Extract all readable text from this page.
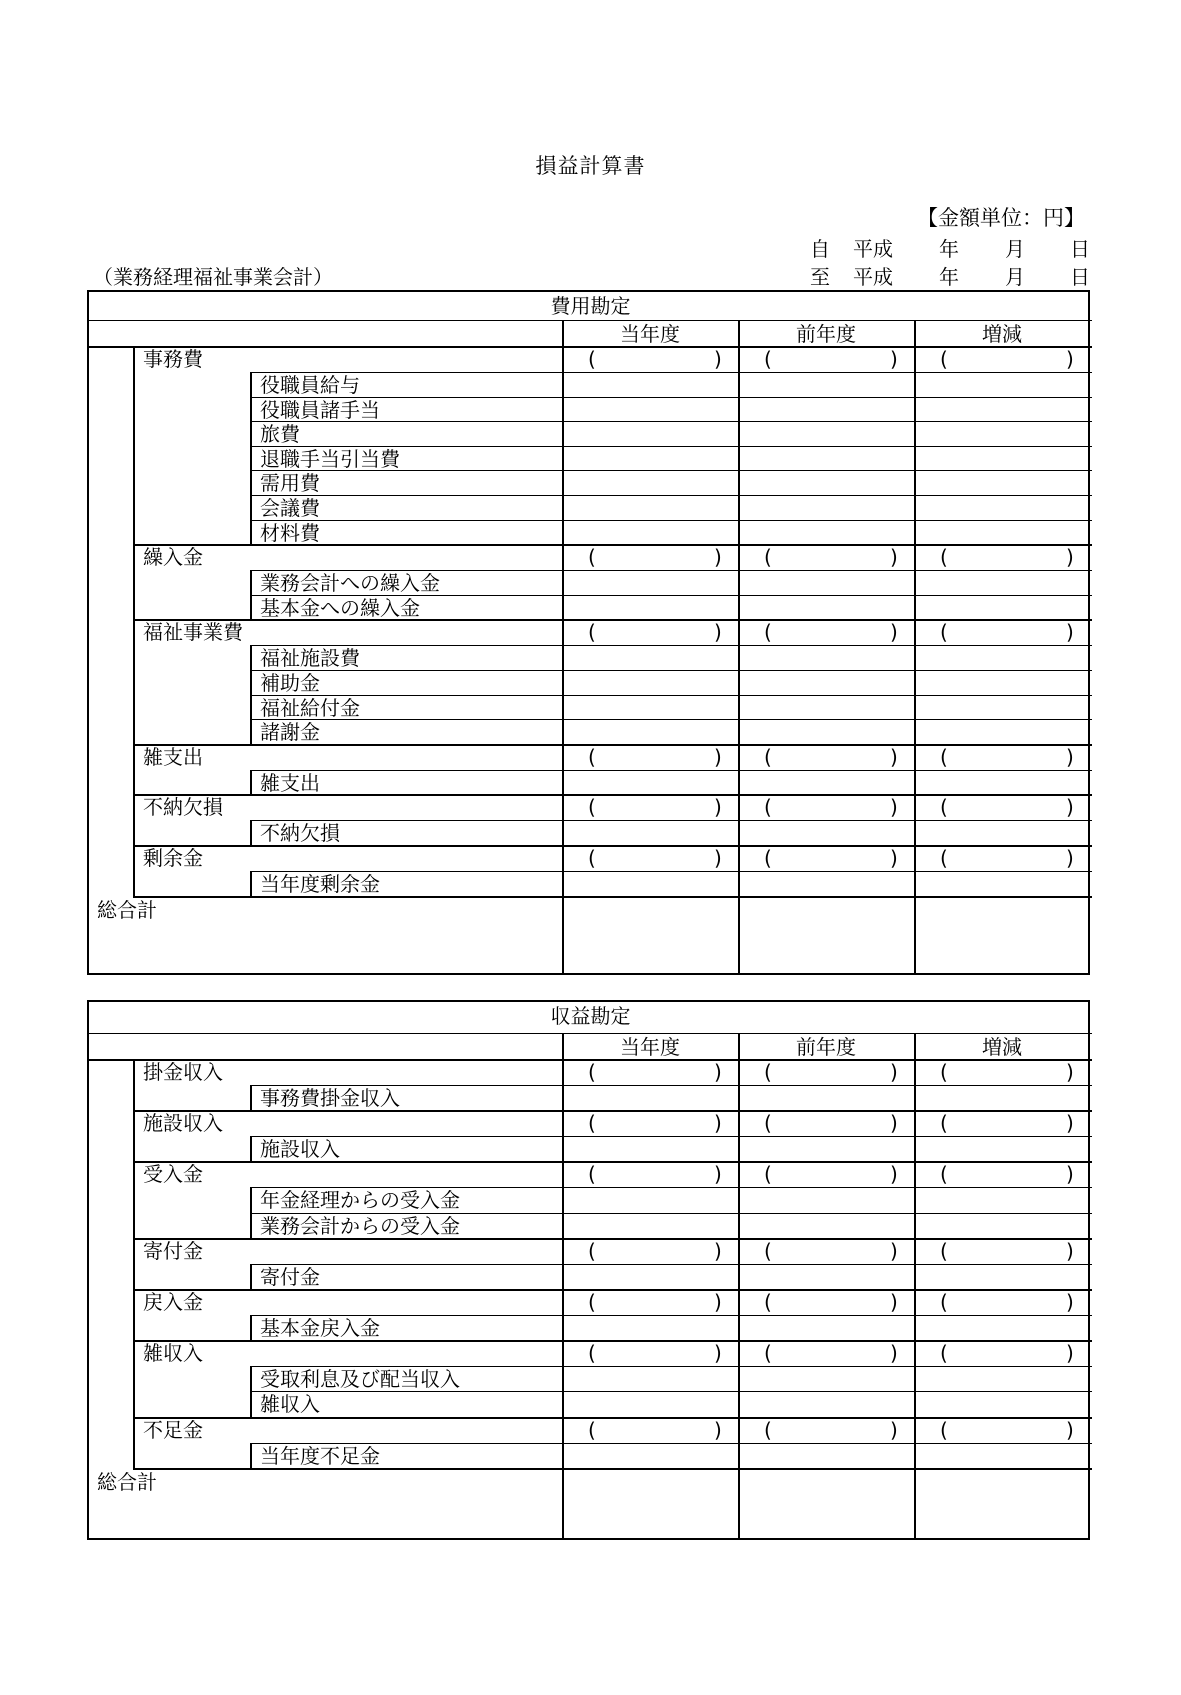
損益計算書
【金額単位：円】
自 平成 年 月 日
至 平成 年 月 日
（業務経理福祉事業会計）
費用勘定
当年度	前年度	増減
事務費	(	) (	) (	)
役職員給与
役職員諸手当
旅費
退職手当引当費
需用費
会議費
材料費
繰入金	(	) (	) (	)
業務会計への繰入金
基本金への繰入金
福祉事業費	(	) (	) (	)
福祉施設費
補助金
福祉給付金
諸謝金
雑支出	(	) (	) (	)
雑支出
不納欠損	(	) (	) (	)
不納欠損
剰余金	(	) (	) (	)
当年度剰余金
総合計
収益勘定
当年度	前年度	増減
掛金収入	(	) (	) (	)
事務費掛金収入
施設収入	(	) (	) (	)
施設収入
受入金	(	) (	) (	)
年金経理からの受入金
業務会計からの受入金
寄付金	(	) (	) (	)
寄付金
戻入金	(	) (	) (	)
基本金戻入金
雑収入	(	) (	) (	)
受取利息及び配当収入
雑収入
不足金	(	) (	) (	)
当年度不足金
総合計
